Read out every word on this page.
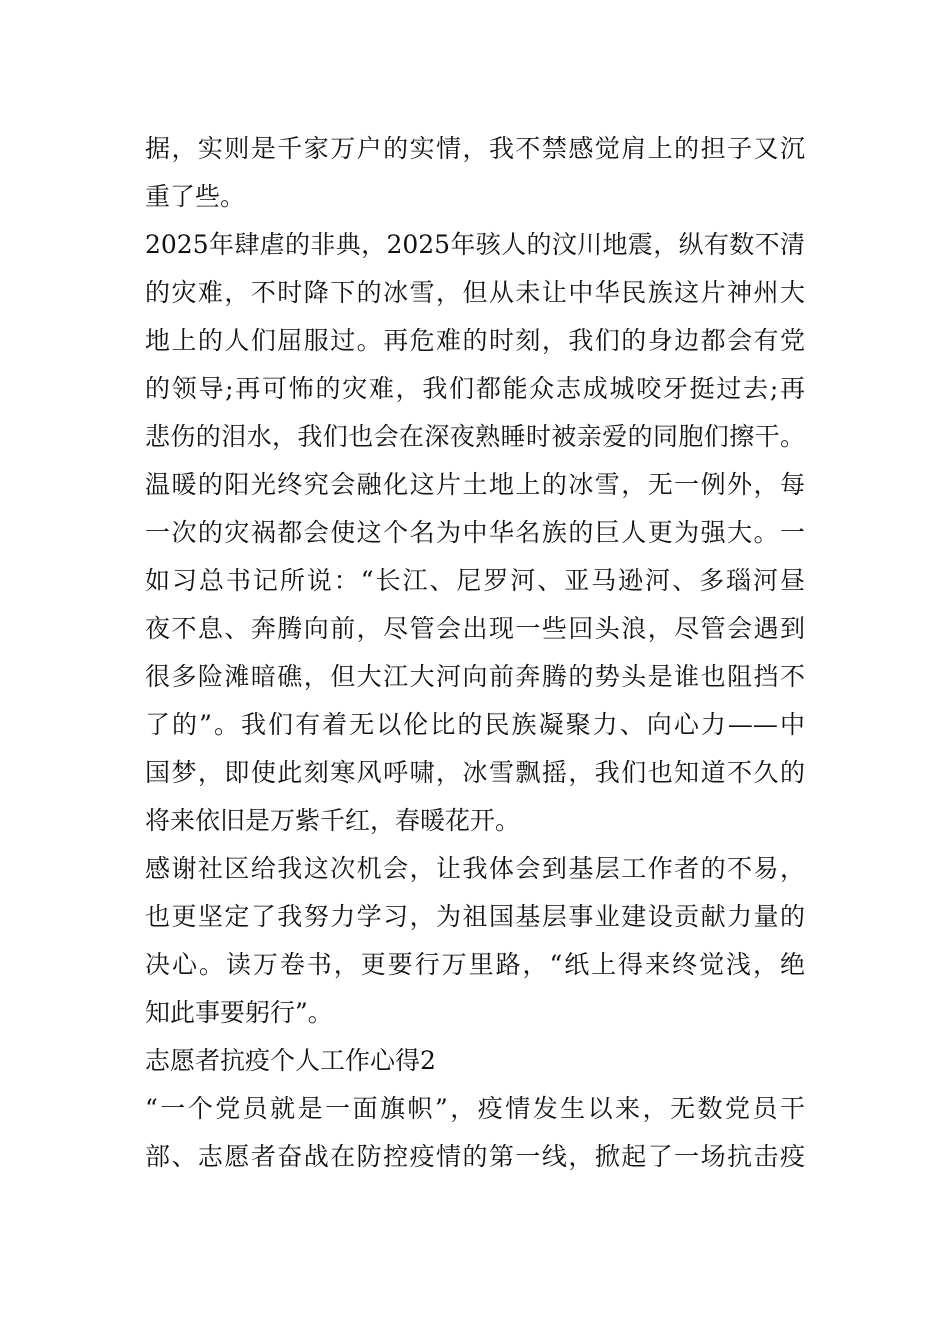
据，实则是千家万户的实情，我不禁感觉肩上的担子又沉
重了些。
2025年肆虐的非典，2025年骇人的汶川地震，纵有数不清
的灾难，不时降下的冰雪，但从未让中华民族这片神州大
地上的人们屈服过。再危难的时刻，我们的身边都会有党
的领导;再可怖的灾难，我们都能众志成城咬牙挺过去;再
悲伤的泪水，我们也会在深夜熟睡时被亲爱的同胞们擦干。
温暖的阳光终究会融化这片土地上的冰雪，无一例外，每
一次的灾祸都会使这个名为中华名族的巨人更为强大。一
如习总书记所说：“长江、尼罗河、亚马逊河、多瑙河昼
夜不息、奔腾向前，尽管会出现一些回头浪，尽管会遇到
很多险滩暗礁，但大江大河向前奔腾的势头是谁也阻挡不
了的”。我们有着无以伦比的民族凝聚力、向心力——中
国梦，即使此刻寒风呼啸，冰雪飘摇，我们也知道不久的
将来依旧是万紫千红，春暖花开。
感谢社区给我这次机会，让我体会到基层工作者的不易，
也更坚定了我努力学习，为祖国基层事业建设贡献力量的
决心。读万卷书，更要行万里路，“纸上得来终觉浅，绝
知此事要躬行”。
志愿者抗疫个人工作心得2
“一个党员就是一面旗帜”，疫情发生以来，无数党员干
部、志愿者奋战在防控疫情的第一线，掀起了一场抗击疫
